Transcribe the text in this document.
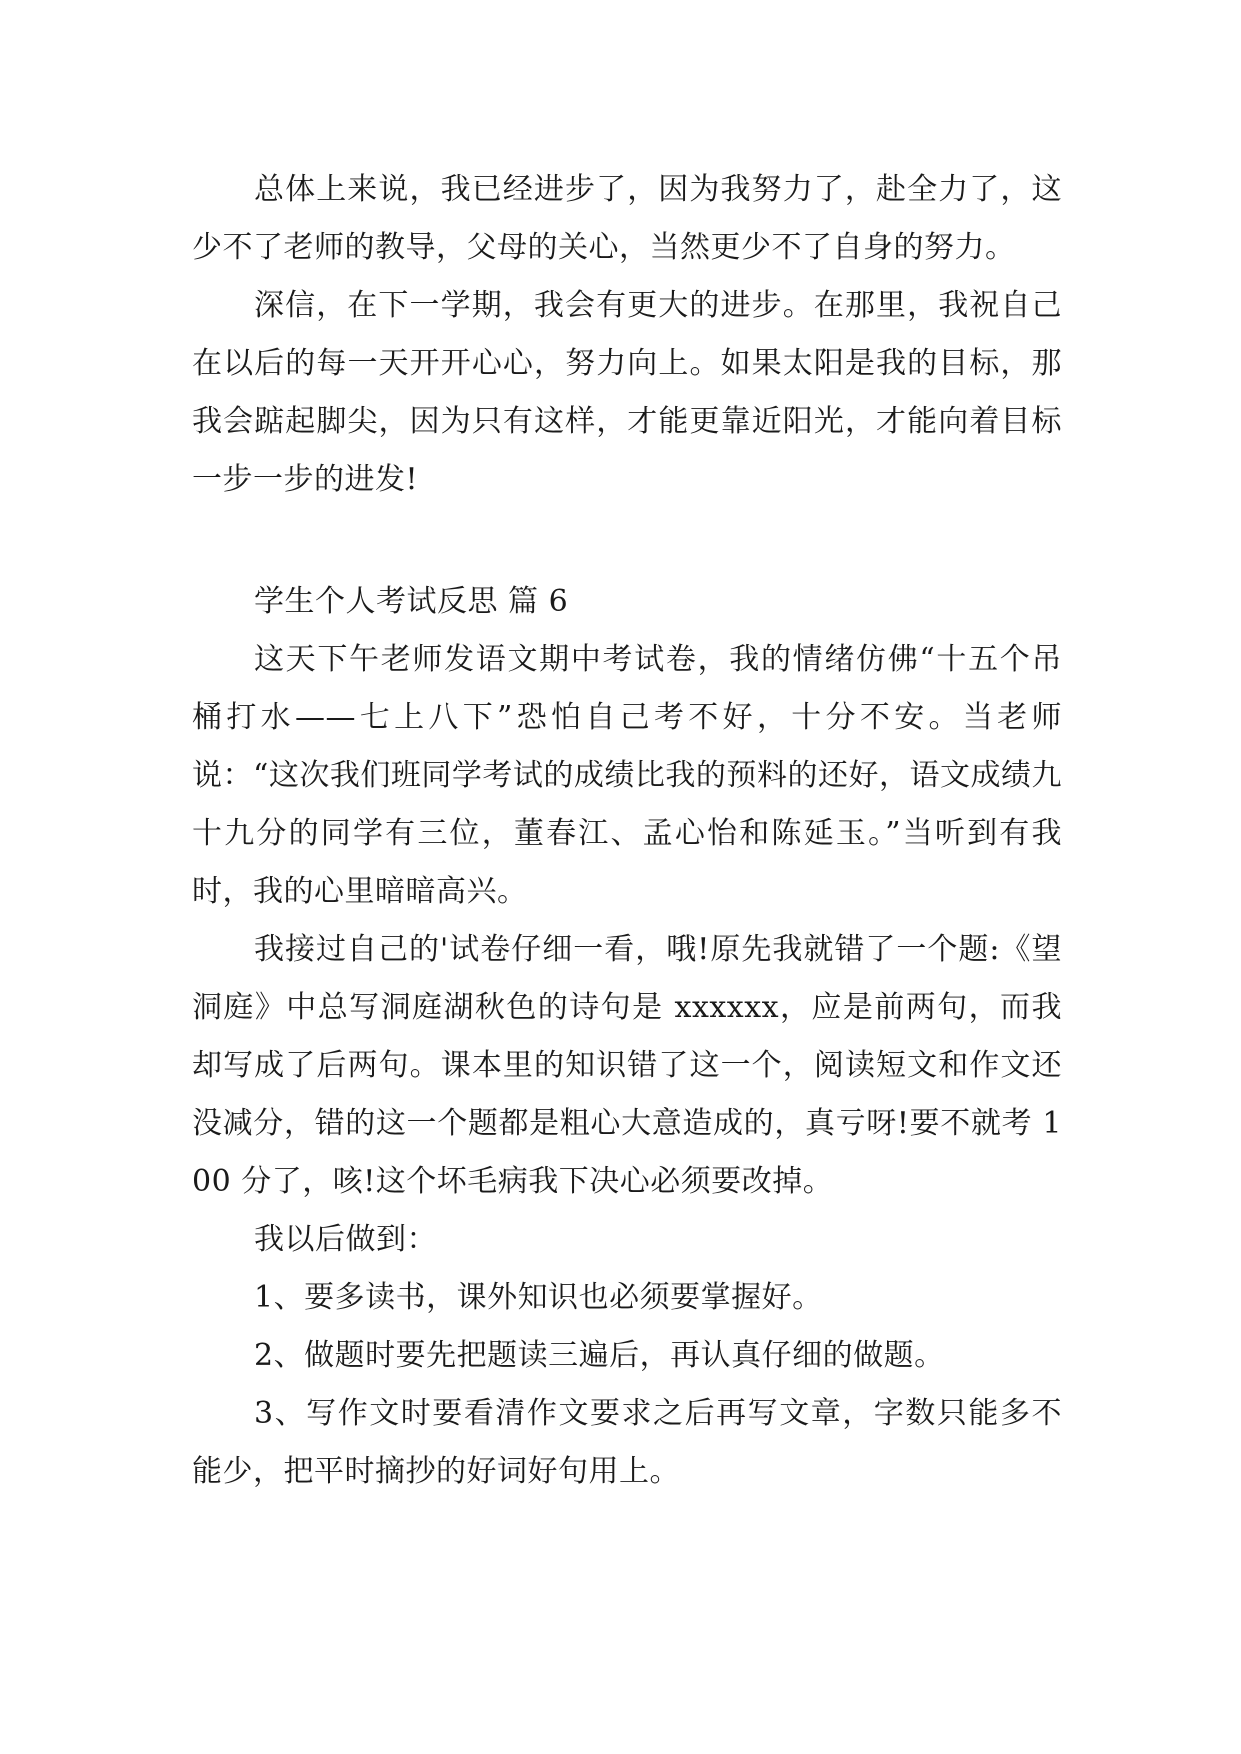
总体上来说，我已经进步了，因为我努力了，赴全力了，这少不了老师的教导，父母的关心，当然更少不了自身的努力。

深信，在下一学期，我会有更大的进步。在那里，我祝自己在以后的每一天开开心心，努力向上。如果太阳是我的目标，那我会踮起脚尖，因为只有这样，才能更靠近阳光，才能向着目标一步一步的进发!

学生个人考试反思 篇 6

这天下午老师发语文期中考试卷，我的情绪仿佛“十五个吊桶打水——七上八下”恐怕自己考不好，十分不安。当老师说：“这次我们班同学考试的成绩比我的预料的还好，语文成绩九十九分的同学有三位，董春江、孟心怡和陈延玉。”当听到有我时，我的心里暗暗高兴。

我接过自己的'试卷仔细一看，哦!原先我就错了一个题:《望洞庭》中总写洞庭湖秋色的诗句是 xxxxxx，应是前两句，而我却写成了后两句。课本里的知识错了这一个，阅读短文和作文还没减分，错的这一个题都是粗心大意造成的，真亏呀!要不就考 100 分了，咳!这个坏毛病我下决心必须要改掉。

我以后做到：

1、要多读书，课外知识也必须要掌握好。

2、做题时要先把题读三遍后，再认真仔细的做题。

3、写作文时要看清作文要求之后再写文章，字数只能多不能少，把平时摘抄的好词好句用上。
